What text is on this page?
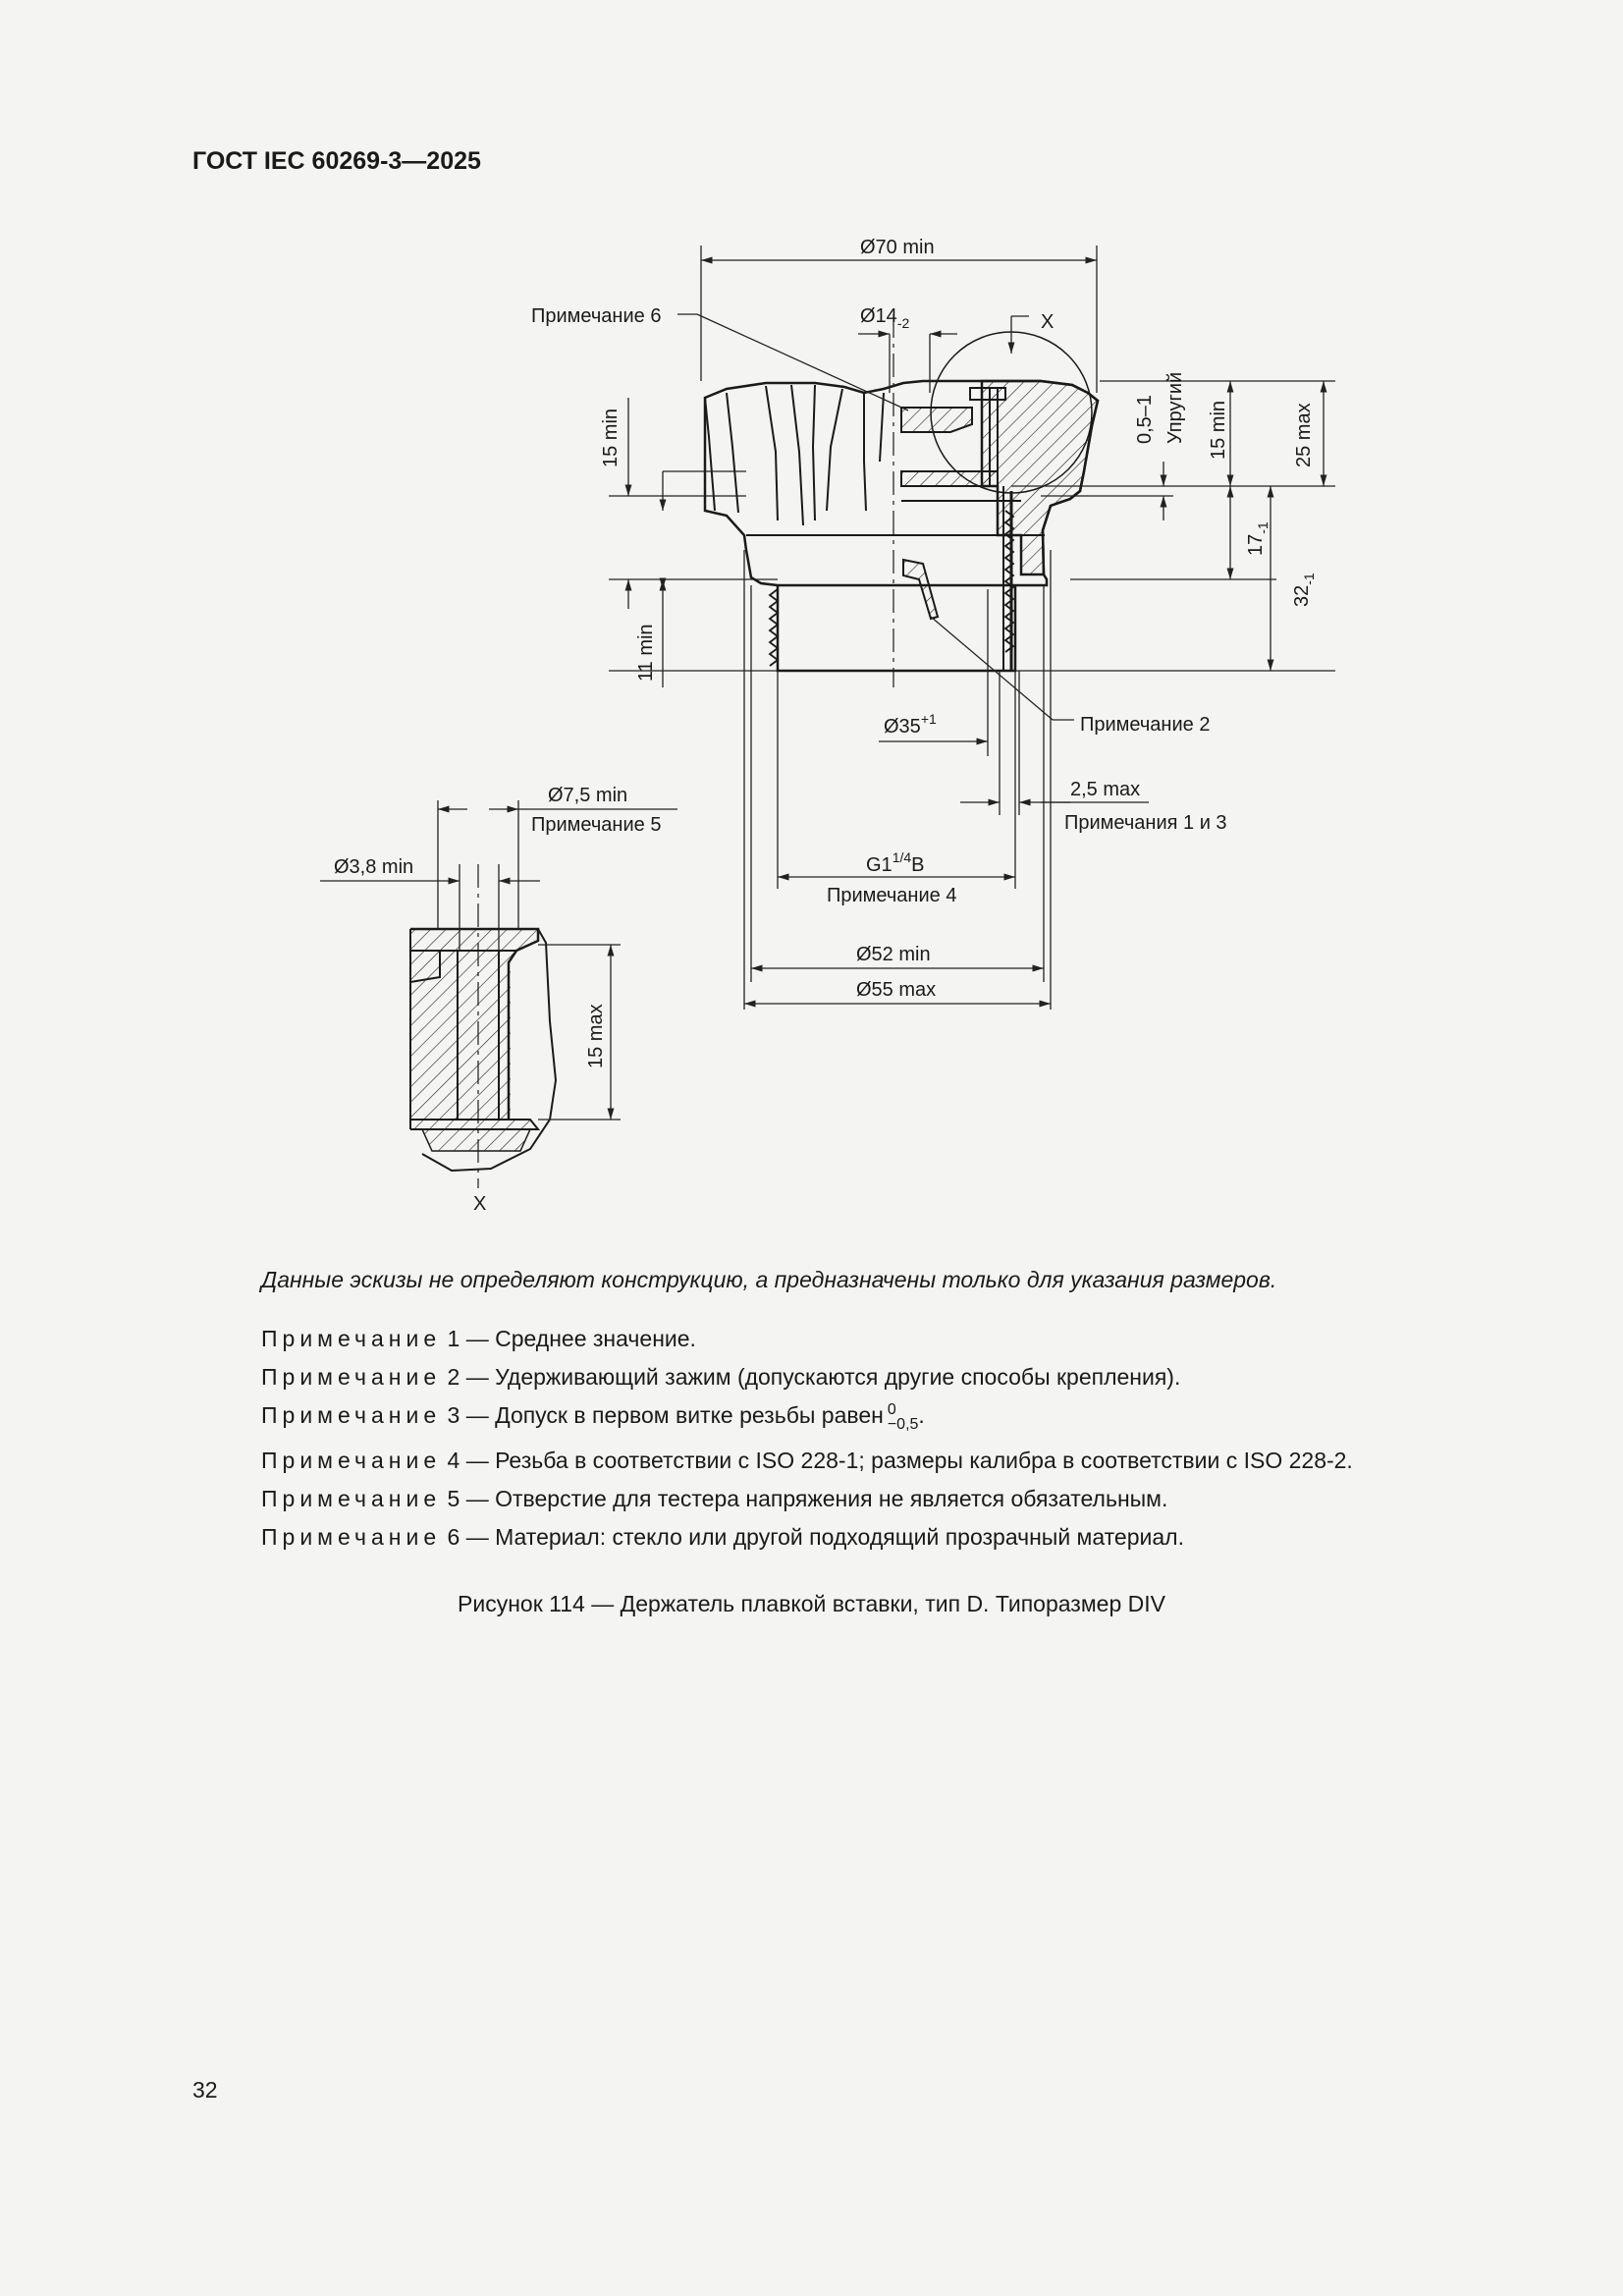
ГОСТ IEC 60269-3—2025
Ø70 min
Примечание 6	$Ø14_{-2}$	X
0,5–1 Упругий 15 min	25 max
$17_{-1}$
$32_{-1}$
15 min
11 min
$Ø35^{+1}$	Примечание 2
2,5 max
Примечания 1 и 3
$G1^{1/4}B$
Примечание 4
Ø52 min
Ø55 max
Ø7,5 min
Примечание 5
Ø3,8 min
15 max
X
Данные эскизы не определяют конструкцию, а предназначены только для указания размеров.
Примечание 1 — Среднее значение.
Примечание 2 — Удерживающий зажим (допускаются другие способы крепления).
Примечание 3 — Допуск в первом витке резьбы равен 0
−0,5 .
Примечание 4 — Резьба в соответствии с ISO 228-1; размеры калибра в соответствии с ISO 228-2.
Примечание 5 — Отверстие для тестера напряжения не является обязательным.
Примечание 6 — Материал: стекло или другой подходящий прозрачный материал.
Рисунок 114 — Держатель плавкой вставки, тип D. Типоразмер DIV
32
